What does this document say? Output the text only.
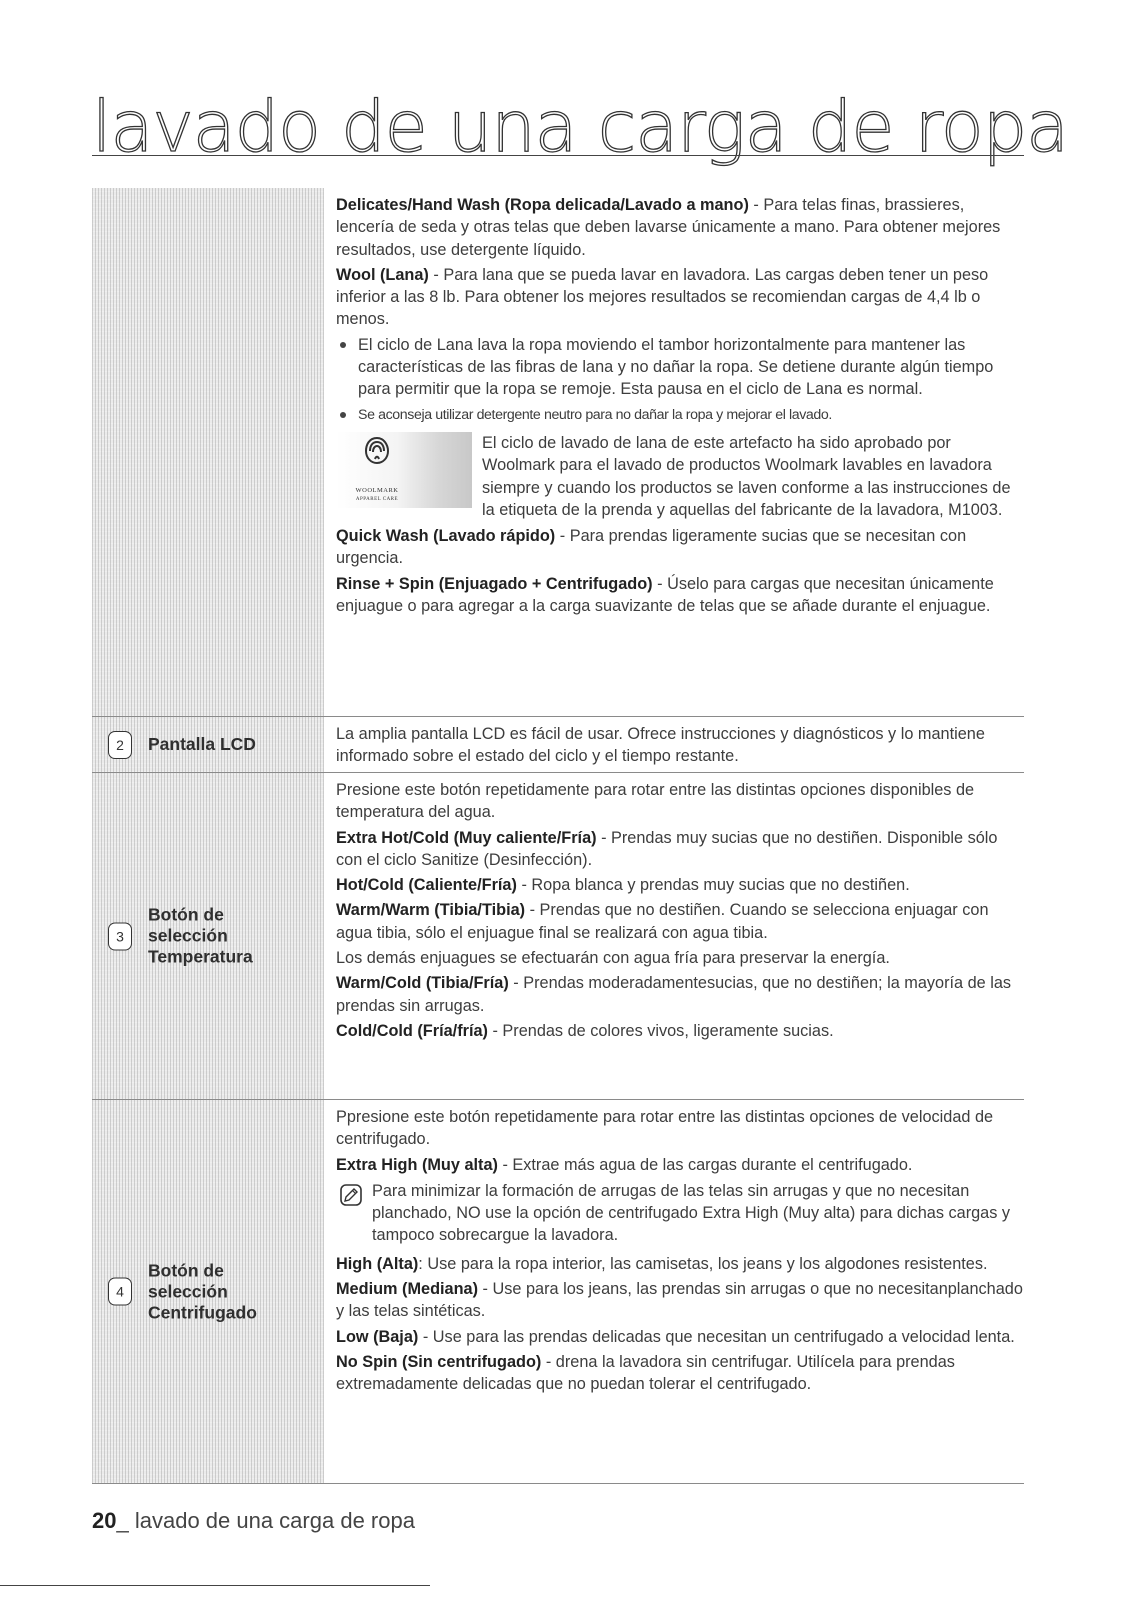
lavado de una carga de ropa

Delicates/Hand Wash (Ropa delicada/Lavado a mano) - Para telas finas, brassieres, lencería de seda y otras telas que deben lavarse únicamente a mano. Para obtener mejores resultados, use detergente líquido.

Wool (Lana) - Para lana que se pueda lavar en lavadora. Las cargas deben tener un peso inferior a las 8 lb. Para obtener los mejores resultados se recomiendan cargas de 4,4 lb o menos.

El ciclo de Lana lava la ropa moviendo el tambor horizontalmente para mantener las características de las fibras de lana y no dañar la ropa. Se detiene durante algún tiempo para permitir que la ropa se remoje. Esta pausa en el ciclo de Lana es normal.
Se aconseja utilizar detergente neutro para no dañar la ropa y mejorar el lavado.
WOOLMARK
APPAREL CARE
El ciclo de lavado de lana de este artefacto ha sido aprobado por Woolmark para el lavado de productos Woolmark lavables en lavadora siempre y cuando los productos se laven conforme a las instrucciones de la etiqueta de la prenda y aquellas del fabricante de la lavadora, M1003.

Quick Wash (Lavado rápido) - Para prendas ligeramente sucias que se necesitan con urgencia.

Rinse + Spin (Enjuagado + Centrifugado) - Úselo para cargas que necesitan únicamente enjuague o para agregar a la carga suavizante de telas que se añade durante el enjuague.

2	Pantalla LCD	La amplia pantalla LCD es fácil de usar. Ofrece instrucciones y diagnósticos y lo mantiene informado sobre el estado del ciclo y el tiempo restante.

3
Botón de
selección
Temperatura

Presione este botón repetidamente para rotar entre las distintas opciones disponibles de temperatura del agua.

Extra Hot/Cold (Muy caliente/Fría) - Prendas muy sucias que no destiñen. Disponible sólo con el ciclo Sanitize (Desinfección).

Hot/Cold (Caliente/Fría) - Ropa blanca y prendas muy sucias que no destiñen.

Warm/Warm (Tibia/Tibia) - Prendas que no destiñen. Cuando se selecciona enjuagar con agua tibia, sólo el enjuague final se realizará con agua tibia.

Los demás enjuagues se efectuarán con agua fría para preservar la energía.

Warm/Cold (Tibia/Fría) - Prendas moderadamentesucias, que no destiñen; la mayoría de las prendas sin arrugas.

Cold/Cold (Fría/fría) - Prendas de colores vivos, ligeramente sucias.

4
Botón de
selección
Centrifugado

Ppresione este botón repetidamente para rotar entre las distintas opciones de velocidad de centrifugado.

Extra High (Muy alta) - Extrae más agua de las cargas durante el centrifugado.

Para minimizar la formación de arrugas de las telas sin arrugas y que no necesitan planchado, NO use la opción de centrifugado Extra High (Muy alta) para dichas cargas y tampoco sobrecargue la lavadora.

High (Alta): Use para la ropa interior, las camisetas, los jeans y los algodones resistentes.

Medium (Mediana) - Use para los jeans, las prendas sin arrugas o que no necesitanplanchado y las telas sintéticas.

Low (Baja) - Use para las prendas delicadas que necesitan un centrifugado a velocidad lenta.

No Spin (Sin centrifugado) - drena la lavadora sin centrifugar. Utilícela para prendas extremadamente delicadas que no puedan tolerar el centrifugado.

20_ lavado de una carga de ropa
